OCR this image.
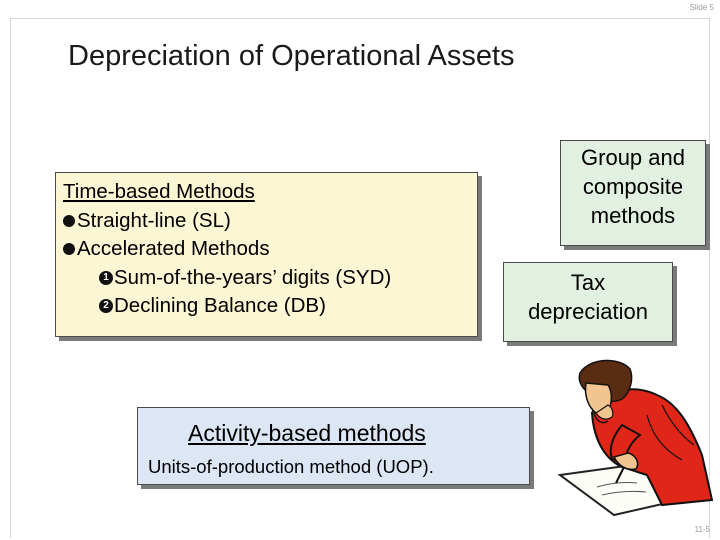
Slide 5
Depreciation of Operational Assets
Time-based Methods
Straight-line (SL)
Accelerated Methods
1 Sum-of-the-years’ digits (SYD)
2 Declining Balance (DB)
Group and
composite
methods
Tax
depreciation
Activity-based methods
Units-of-production method (UOP).
11-5
